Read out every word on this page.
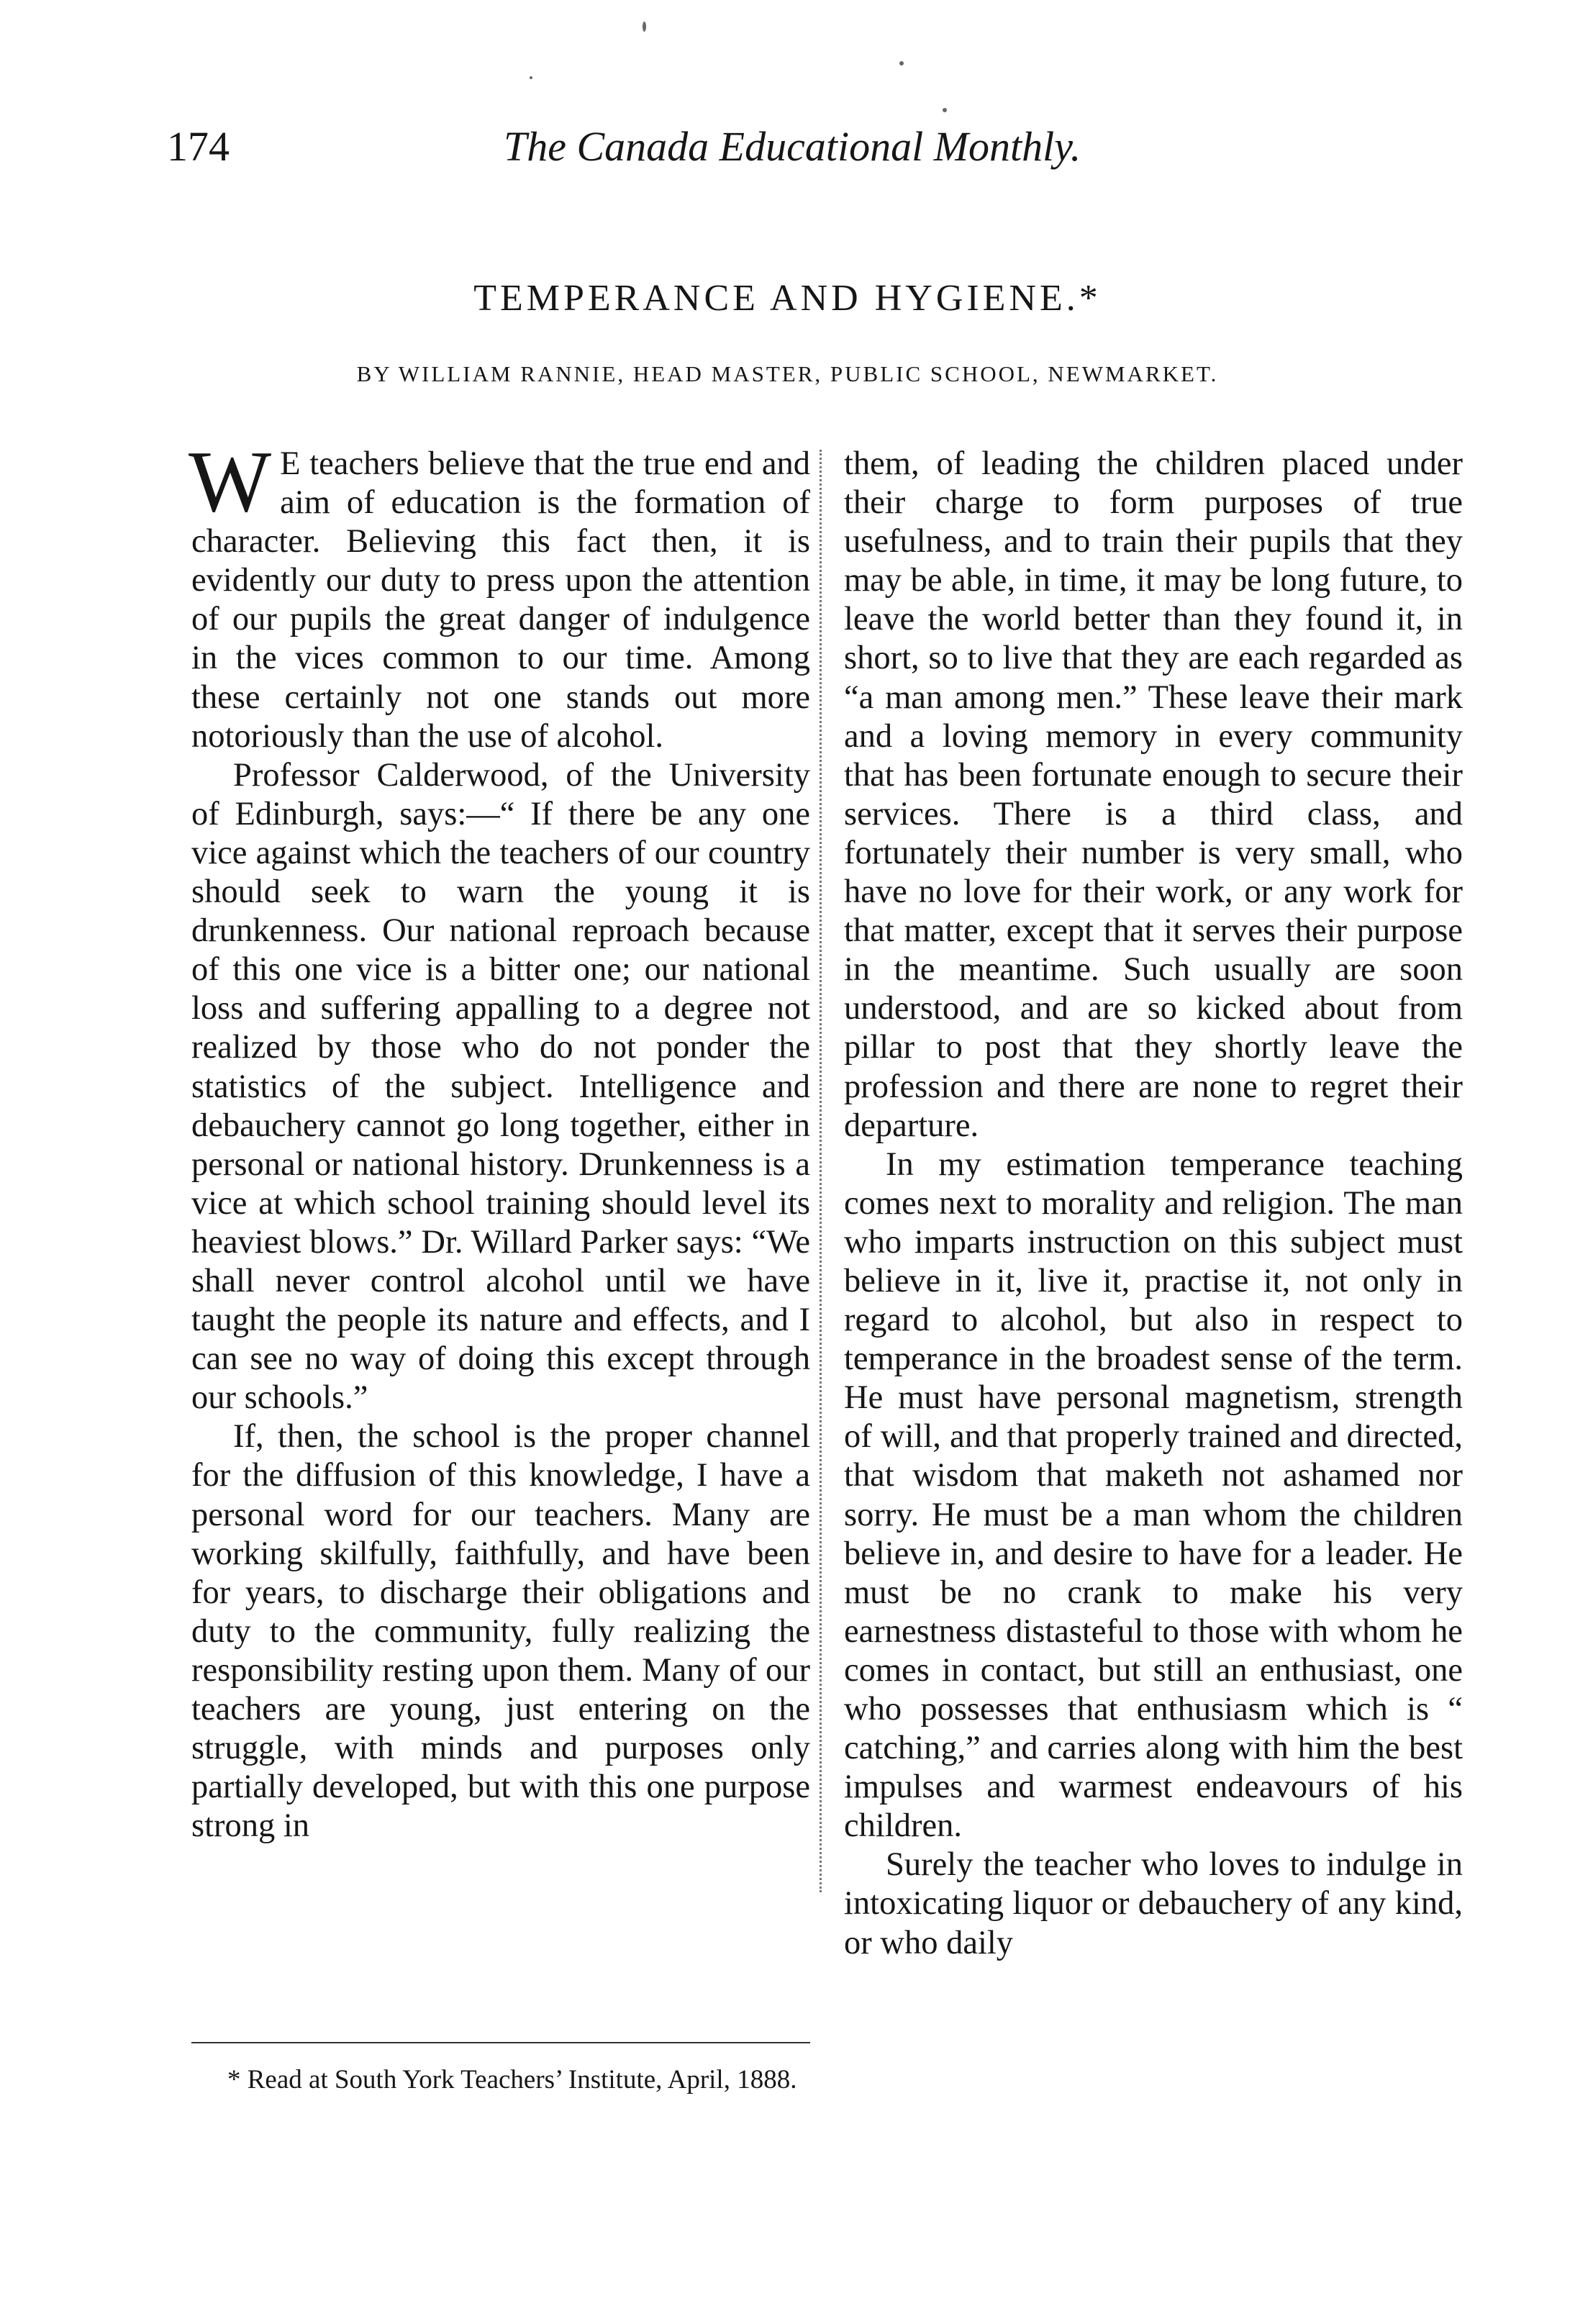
174	The Canada Educational Monthly.
TEMPERANCE AND HYGIENE.*
BY WILLIAM RANNIE, HEAD MASTER, PUBLIC SCHOOL, NEWMARKET.

W E teachers believe that the true end and aim of education is the formation of character. Believing this fact then, it is evidently our duty to press upon the attention of our pupils the great danger of indulgence in the vices common to our time. Among these certainly not one stands out more notoriously than the use of alcohol.

Professor Calderwood, of the University of Edinburgh, says:—“ If there be any one vice against which the teachers of our country should seek to warn the young it is drunkenness. Our national reproach because of this one vice is a bitter one; our national loss and suffering appalling to a degree not realized by those who do not ponder the statistics of the subject. Intelligence and debauchery cannot go long together, either in personal or national history. Drunkenness is a vice at which school training should level its heaviest blows.” Dr. Willard Parker says: “We shall never control alcohol until we have taught the people its nature and effects, and I can see no way of doing this except through our schools.”

If, then, the school is the proper channel for the diffusion of this knowledge, I have a personal word for our teachers. Many are working skilfully, faithfully, and have been for years, to discharge their obligations and duty to the community, fully realizing the responsibility resting upon them. Many of our teachers are young, just entering on the struggle, with minds and purposes only partially developed, but with this one purpose strong in

them, of leading the children placed under their charge to form purposes of true usefulness, and to train their pupils that they may be able, in time, it may be long future, to leave the world better than they found it, in short, so to live that they are each regarded as “a man among men.” These leave their mark and a loving memory in every community that has been fortunate enough to secure their services. There is a third class, and fortunately their number is very small, who have no love for their work, or any work for that matter, except that it serves their purpose in the meantime. Such usually are soon understood, and are so kicked about from pillar to post that they shortly leave the profession and there are none to regret their departure.

In my estimation temperance teaching comes next to morality and religion. The man who imparts instruction on this subject must believe in it, live it, practise it, not only in regard to alcohol, but also in respect to temperance in the broadest sense of the term. He must have personal magnetism, strength of will, and that properly trained and directed, that wisdom that maketh not ashamed nor sorry. He must be a man whom the children believe in, and desire to have for a leader. He must be no crank to make his very earnestness distasteful to those with whom he comes in contact, but still an enthusiast, one who possesses that enthusiasm which is “ catching,” and carries along with him the best impulses and warmest endeavours of his children.

Surely the teacher who loves to indulge in intoxicating liquor or debauchery of any kind, or who daily

* Read at South York Teachers’ Institute, April, 1888.
